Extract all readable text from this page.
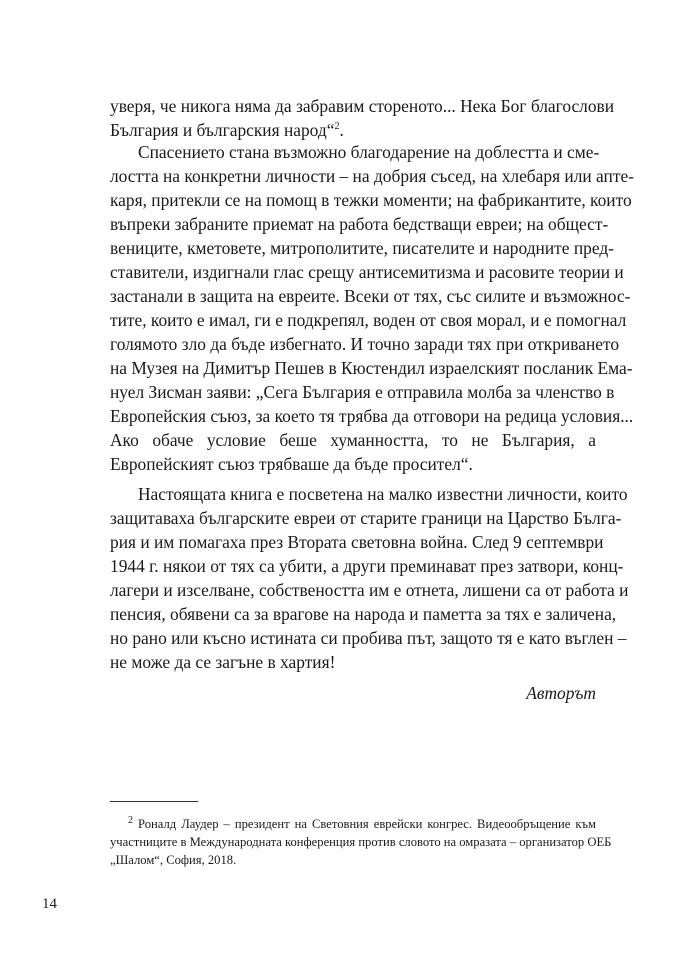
уверя, че никога няма да забравим стореното... Нека Бог благослови
България и българския народ“$^2$.
Спасението стана възможно благодарение на доблестта и сме-
лостта на конкретни личности – на добрия съсед, на хлебаря или апте-
каря, притекли се на помощ в тежки моменти; на фабрикантите, които
въпреки забраните приемат на работа бедстващи евреи; на общест-
вениците, кметовете, митрополитите, писателите и народните пред-
ставители, издигнали глас срещу антисемитизма и расовите теории и
застанали в защита на евреите. Всеки от тях, със силите и възможнос-
тите, които е имал, ги е подкрепял, воден от своя морал, и е помогнал
голямото зло да бъде избегнато. И точно заради тях при откриването
на Музея на Димитър Пешев в Кюстендил израелският посланик Ема-
нуел Зисман заяви: „Сега България е отправила молба за членство в
Европейския съюз, за което тя трябва да отговори на редица условия...
Ако обаче условие беше хуманността, то не България, а
Европейският съюз трябваше да бъде просител“.
Настоящата книга е посветена на малко известни личности, които
защитаваха българските евреи от старите граници на Царство Бълга-
рия и им помагаха през Втората световна война. След 9 септември
1944 г. някои от тях са убити, а други преминават през затвори, конц-
лагери и изселване, собствеността им е отнета, лишени са от работа и
пенсия, обявени са за врагове на народа и паметта за тях е заличена,
но рано или късно истината си пробива път, защото тя е като въглен –
не може да се загъне в хартия!
Авторът
$^2$ Роналд Лаудер – президент на Световния еврейски конгрес. Видеообръщение към
участниците в Международната конференция против словото на омразата – организатор ОЕБ
„Шалом“, София, 2018.
14
